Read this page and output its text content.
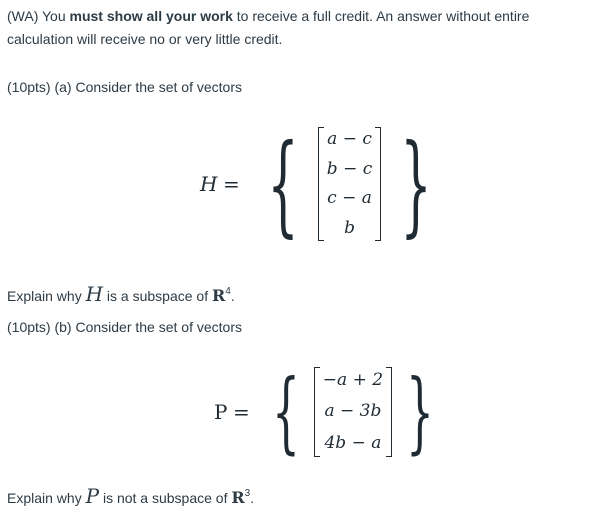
(WA) You must show all your work to receive a full credit. An answer without entire
calculation will receive no or very little credit.
(10pts) (a) Consider the set of vectors
H = { a − c
b − c
c − a
b }
Explain why H is a subspace of $R^4$.
(10pts) (b) Consider the set of vectors
P = { −a + 2
a − 3b
4b − a }
Explain why P is not a subspace of $R^3$.
